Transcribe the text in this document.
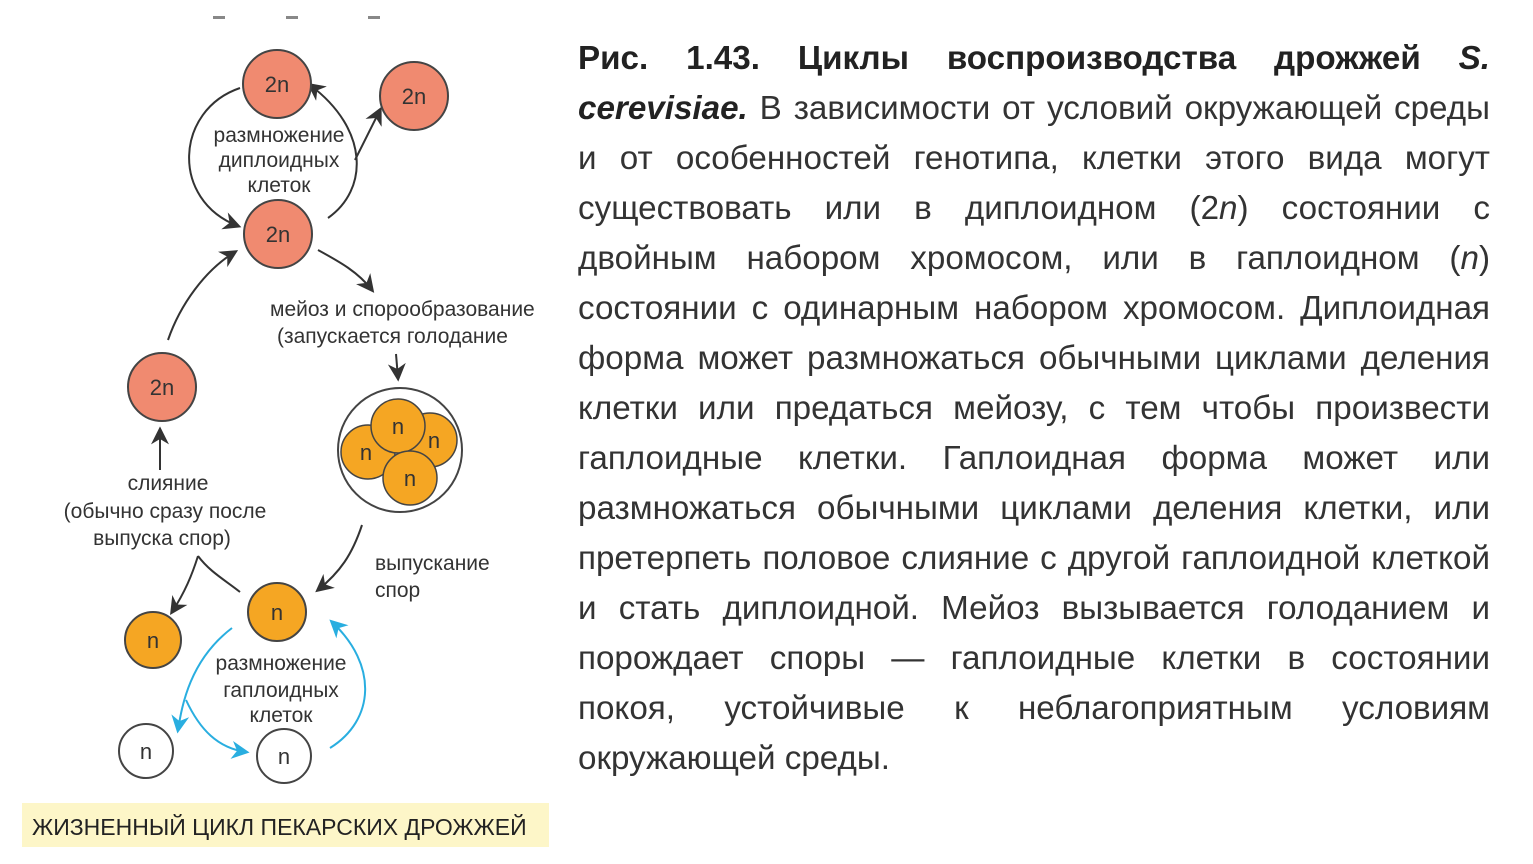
2n	2n
2n
размножение
диплоидных
клеток
мейоз и спорообразование
(запускается голодание
n
n
n
n
выпускание
спор
2n
слияние
(обычно сразу после
выпуска спор)
n
n
размножение
гаплоидных
клеток
n	n
ЖИЗНЕННЫЙ ЦИКЛ ПЕКАРСКИХ ДРОЖЖЕЙ
Рис. 1.43. Циклы воспроизводства дрожжей S. cerevisiae. В зависимости от условий окружающей среды и от особенностей генотипа, клетки этого вида могут существовать или в диплоидном (2n) состоянии с двойным набором хромосом, или в гаплоидном (n) состоянии с одинарным набором хромосом. Диплоидная форма может размножаться обычными циклами деления клетки или предаться мейозу, с тем чтобы произвести гаплоидные клетки. Гаплоидная форма может или размножаться обычными циклами деления клетки, или претерпеть половое слияние с другой гаплоидной клеткой и стать диплоидной. Мейоз вызывается голоданием и порождает споры — гаплоидные клетки в состоянии покоя, устойчивые к неблагоприятным условиям окружающей среды.
